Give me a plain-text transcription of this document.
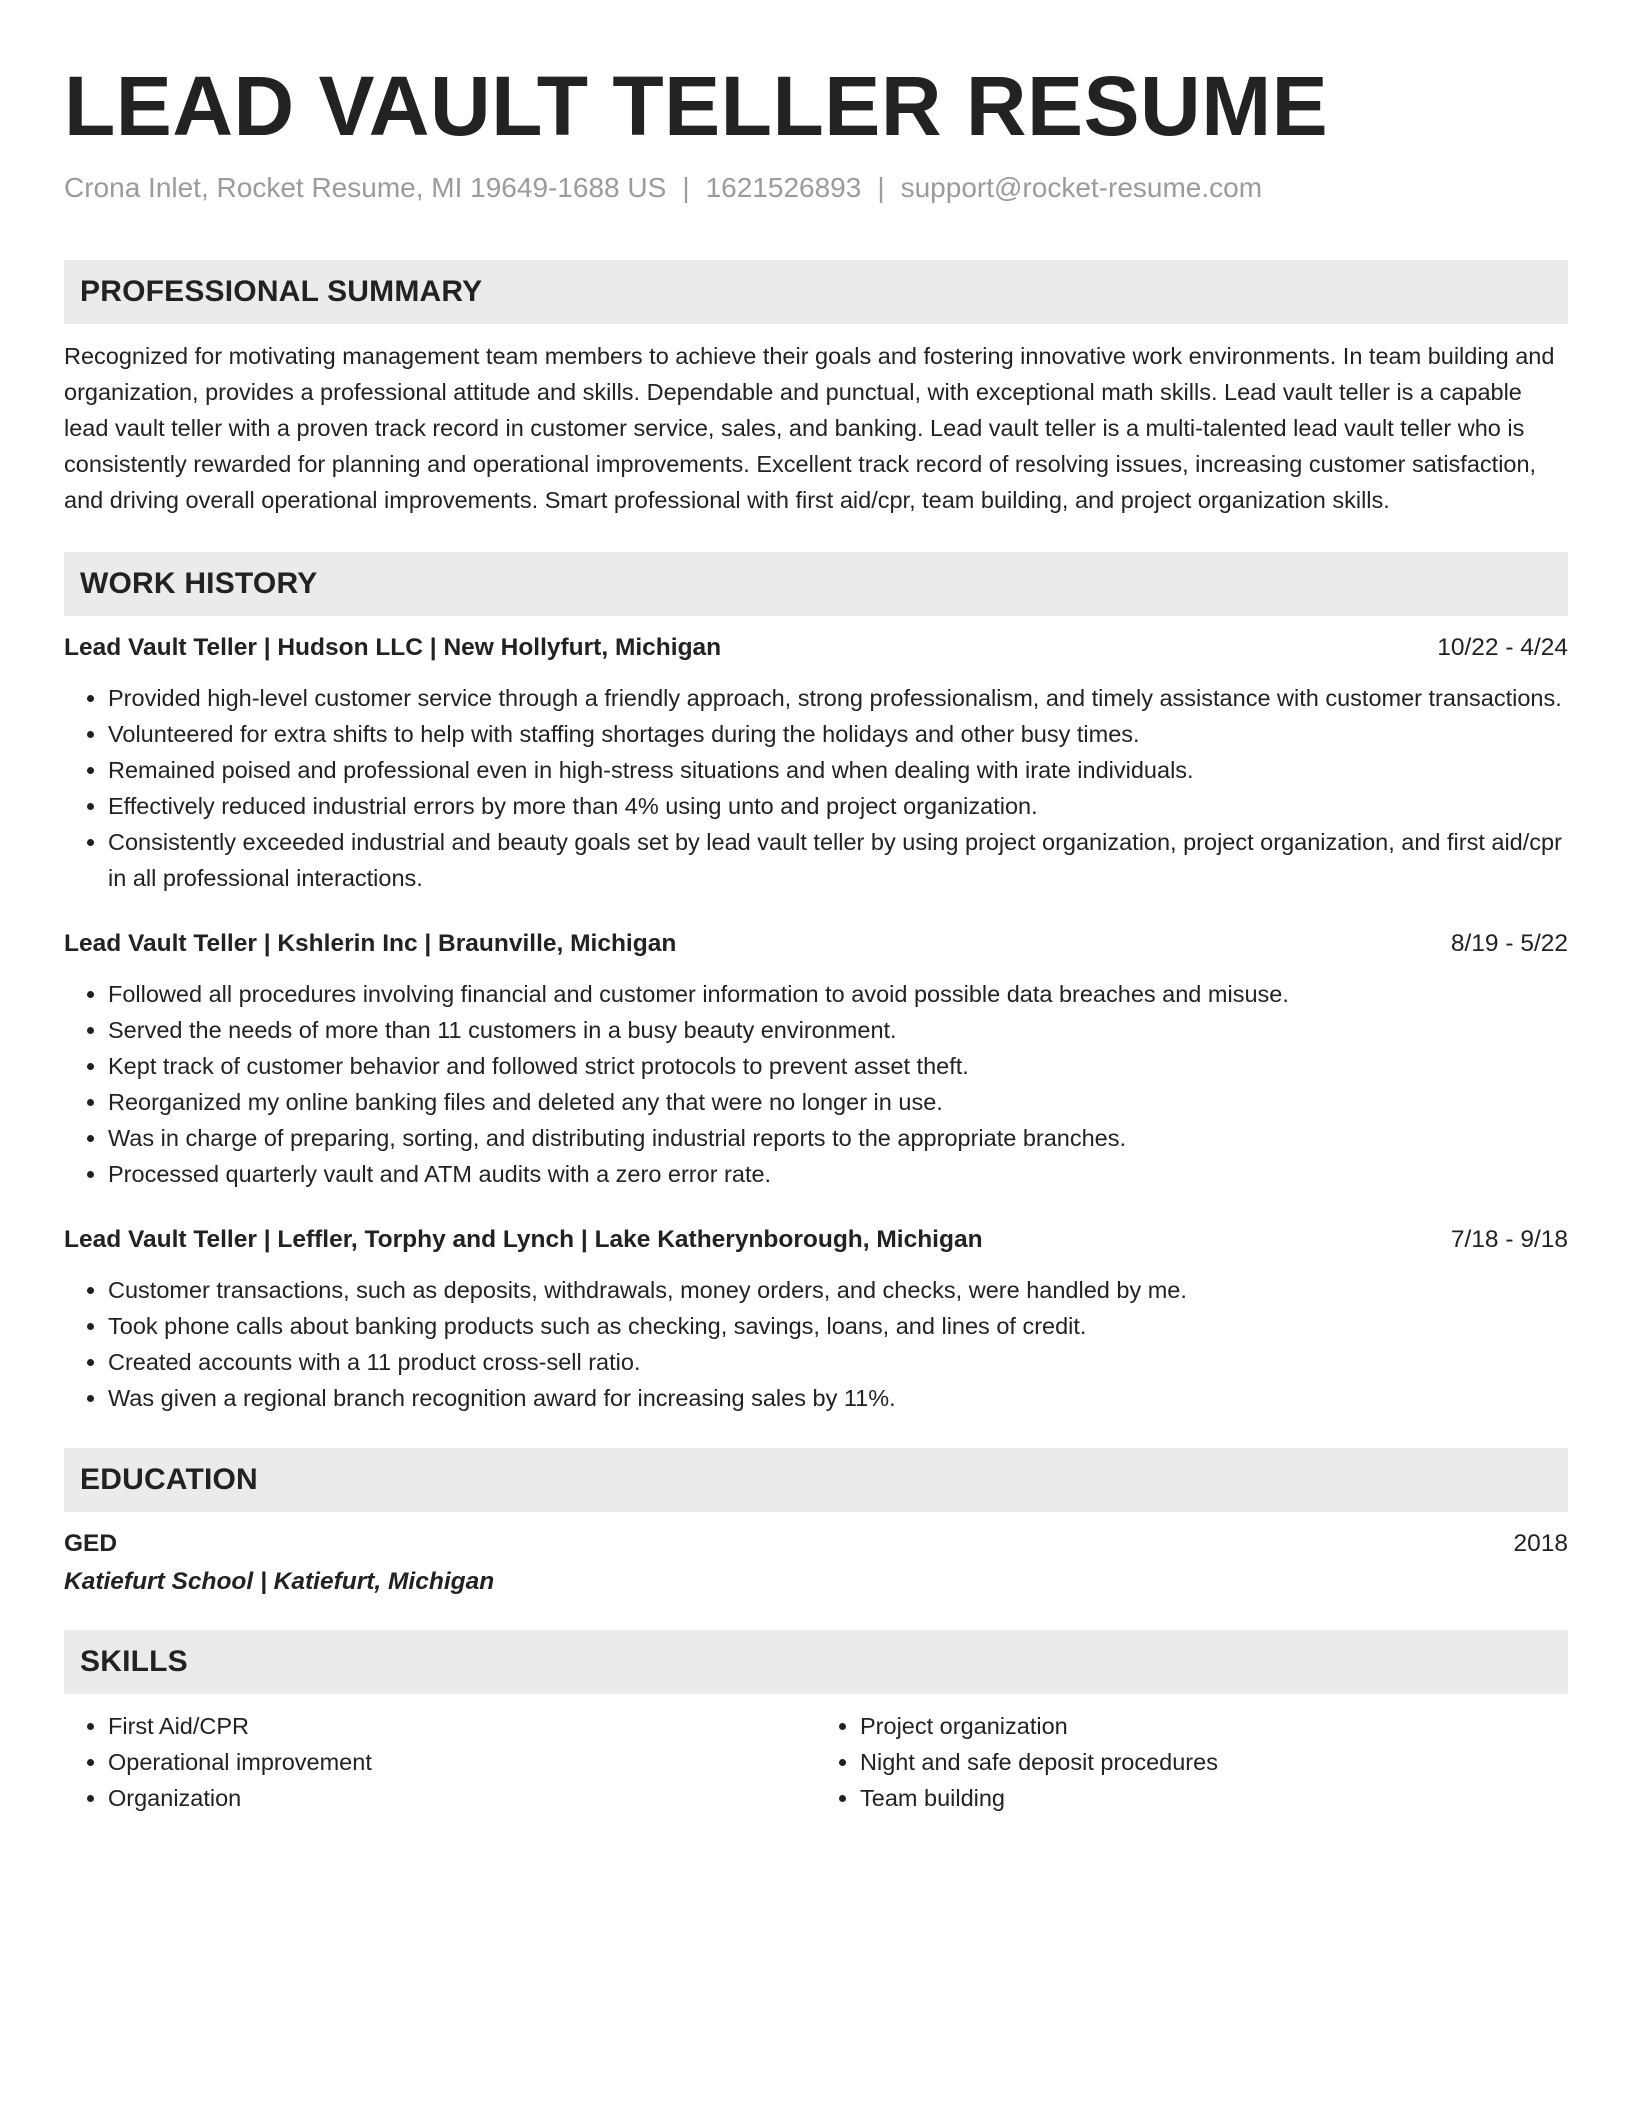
LEAD VAULT TELLER RESUME
Crona Inlet, Rocket Resume, MI 19649-1688 US | 1621526893 | support@rocket-resume.com
PROFESSIONAL SUMMARY

Recognized for motivating management team members to achieve their goals and fostering innovative work environments. In team building and organization, provides a professional attitude and skills. Dependable and punctual, with exceptional math skills. Lead vault teller is a capable lead vault teller with a proven track record in customer service, sales, and banking. Lead vault teller is a multi-talented lead vault teller who is consistently rewarded for planning and operational improvements. Excellent track record of resolving issues, increasing customer satisfaction, and driving overall operational improvements. Smart professional with first aid/cpr, team building, and project organization skills.

WORK HISTORY
Lead Vault Teller | Hudson LLC | New Hollyfurt, Michigan	10/22 - 4/24
• Provided high-level customer service through a friendly approach, strong professionalism, and timely assistance with customer transactions.
• Volunteered for extra shifts to help with staffing shortages during the holidays and other busy times.
• Remained poised and professional even in high-stress situations and when dealing with irate individuals.
• Effectively reduced industrial errors by more than 4% using unto and project organization.
• Consistently exceeded industrial and beauty goals set by lead vault teller by using project organization, project organization, and first aid/cpr in all professional interactions.
Lead Vault Teller | Kshlerin Inc | Braunville, Michigan	8/19 - 5/22
• Followed all procedures involving financial and customer information to avoid possible data breaches and misuse.
• Served the needs of more than 11 customers in a busy beauty environment.
• Kept track of customer behavior and followed strict protocols to prevent asset theft.
• Reorganized my online banking files and deleted any that were no longer in use.
• Was in charge of preparing, sorting, and distributing industrial reports to the appropriate branches.
• Processed quarterly vault and ATM audits with a zero error rate.
Lead Vault Teller | Leffler, Torphy and Lynch | Lake Katherynborough, Michigan	7/18 - 9/18
• Customer transactions, such as deposits, withdrawals, money orders, and checks, were handled by me.
• Took phone calls about banking products such as checking, savings, loans, and lines of credit.
• Created accounts with a 11 product cross-sell ratio.
• Was given a regional branch recognition award for increasing sales by 11%.
EDUCATION
GED	2018
Katiefurt School | Katiefurt, Michigan
SKILLS
• First Aid/CPR
• Operational improvement
• Organization
• Project organization
• Night and safe deposit procedures
• Team building
